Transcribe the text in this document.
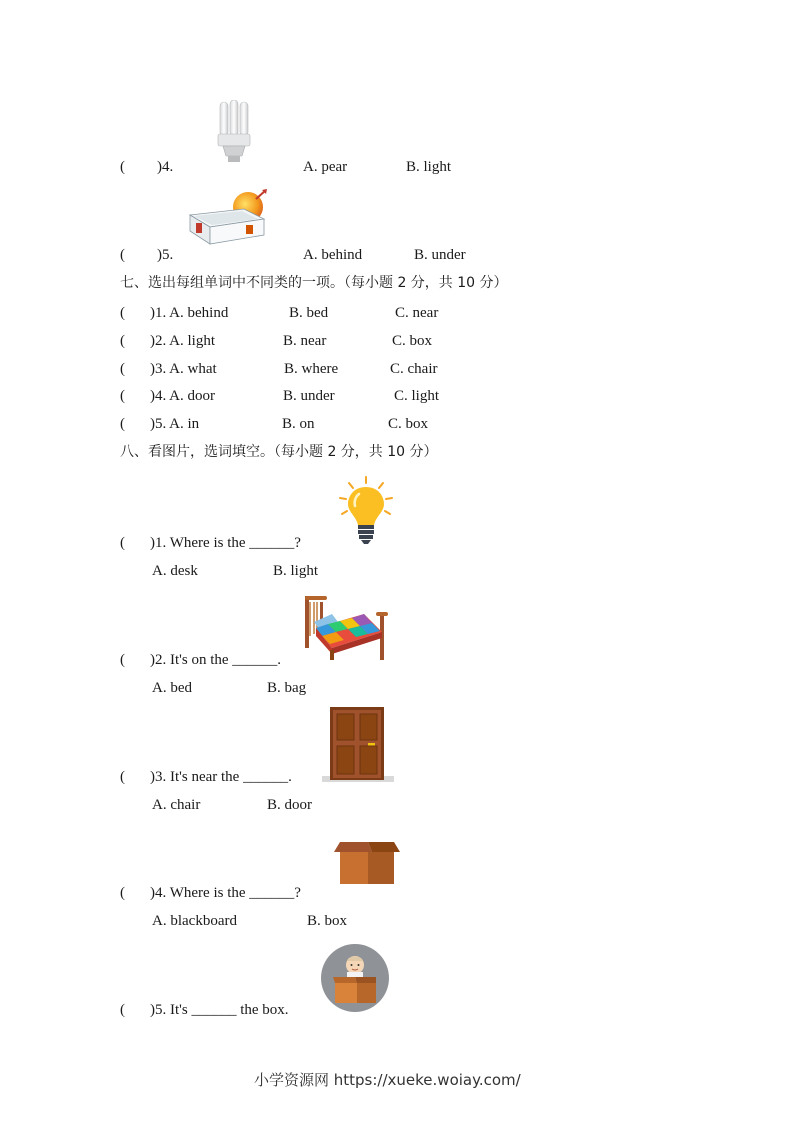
( )4.	A. pear	B. light
( )5.	A. behind	B. under
七、选出每组单词中不同类的一项。（每小题 2 分，共 10 分）
( )1. A. behind	B. bed	C. near
( )2. A. light	B. near	C. box
( )3. A. what	B. where	C. chair
( )4. A. door	B. under	C. light
( )5. A. in	B. on	C. box
八、看图片，选词填空。（每小题 2 分，共 10 分）
( )1. Where is the ______?
A. desk	B. light
( )2. It's on the ______.
A. bed	B. bag
( )3. It's near the ______.
A. chair	B. door
( )4. Where is the ______?
A. blackboard	B. box
( )5. It's ______ the box.
小学资源网 https://xueke.woiay.com/
